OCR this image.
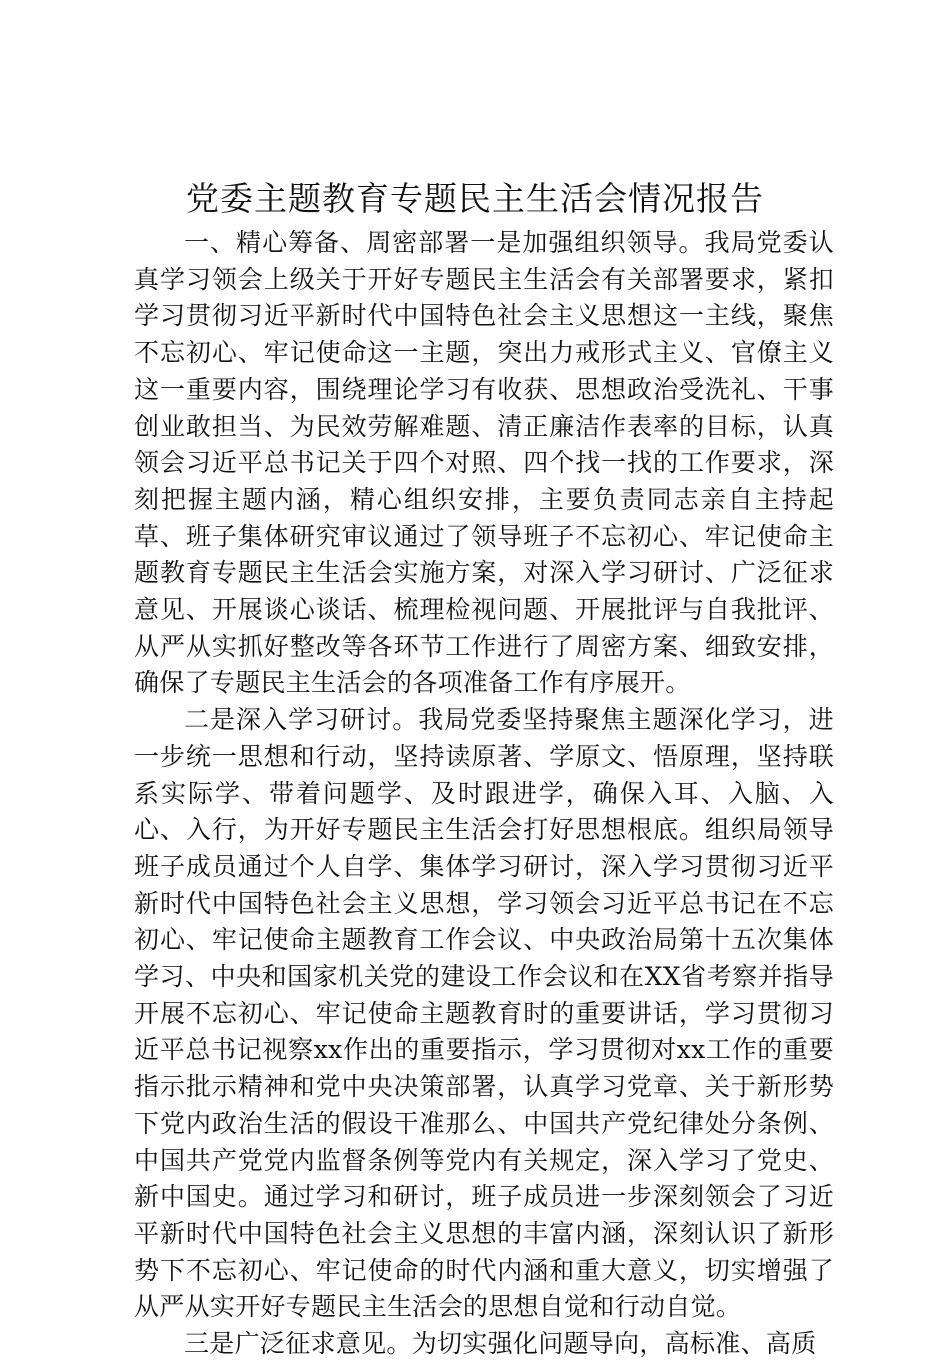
党委主题教育专题民主生活会情况报告

一、精心筹备、周密部署一是加强组织领导。我局党委认真学习领会上级关于开好专题民主生活会有关部署要求，紧扣学习贯彻习近平新时代中国特色社会主义思想这一主线，聚焦不忘初心、牢记使命这一主题，突出力戒形式主义、官僚主义这一重要内容，围绕理论学习有收获、思想政治受洗礼、干事创业敢担当、为民效劳解难题、清正廉洁作表率的目标，认真领会习近平总书记关于四个对照、四个找一找的工作要求，深刻把握主题内涵，精心组织安排，主要负责同志亲自主持起草、班子集体研究审议通过了领导班子不忘初心、牢记使命主题教育专题民主生活会实施方案，对深入学习研讨、广泛征求意见、开展谈心谈话、梳理检视问题、开展批评与自我批评、从严从实抓好整改等各环节工作进行了周密方案、细致安排，确保了专题民主生活会的各项准备工作有序展开。

二是深入学习研讨。我局党委坚持聚焦主题深化学习，进一步统一思想和行动，坚持读原著、学原文、悟原理，坚持联系实际学、带着问题学、及时跟进学，确保入耳、入脑、入心、入行，为开好专题民主生活会打好思想根底。组织局领导班子成员通过个人自学、集体学习研讨，深入学习贯彻习近平新时代中国特色社会主义思想，学习领会习近平总书记在不忘初心、牢记使命主题教育工作会议、中央政治局第十五次集体学习、中央和国家机关党的建设工作会议和在XX省考察并指导开展不忘初心、牢记使命主题教育时的重要讲话，学习贯彻习近平总书记视察xx作出的重要指示，学习贯彻对xx工作的重要指示批示精神和党中央决策部署，认真学习党章、关于新形势下党内政治生活的假设干准那么、中国共产党纪律处分条例、中国共产党党内监督条例等党内有关规定，深入学习了党史、新中国史。通过学习和研讨，班子成员进一步深刻领会了习近平新时代中国特色社会主义思想的丰富内涵，深刻认识了新形势下不忘初心、牢记使命的时代内涵和重大意义，切实增强了从严从实开好专题民主生活会的思想自觉和行动自觉。

三是广泛征求意见。为切实强化问题导向，高标准、高质
